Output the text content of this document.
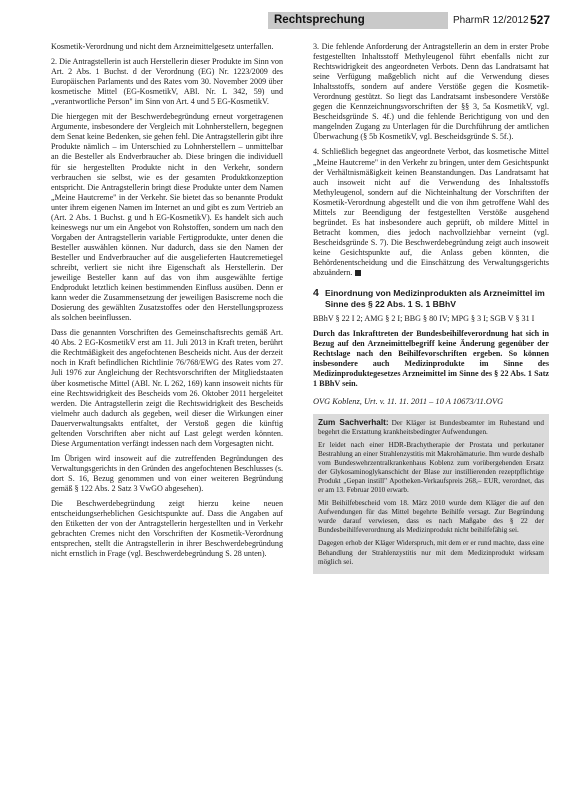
Rechtsprechung	PharmR 12/2012 527

Kosmetik-Verordnung und nicht dem Arzneimittelgesetz unterfallen.

2. Die Antragstellerin ist auch Herstellerin dieser Produkte im Sinn von Art. 2 Abs. 1 Buchst. d der Verordnung (EG) Nr. 1223/2009 des Europäischen Parlaments und des Rates vom 30. November 2009 über kosmetische Mittel (EG-KosmetikV, ABl. Nr. L 342, 59) und „verantwortliche Person" im Sinn von Art. 4 und 5 EG-KosmetikV.

Die hiergegen mit der Beschwerdebegründung erneut vorgetragenen Argumente, insbesondere der Vergleich mit Lohnherstellern, begegnen dem Senat keine Bedenken, sie gehen fehl. Die Antragstellerin gibt ihre Produkte nämlich – im Unterschied zu Lohnherstellern – unmittelbar an die Besteller als Endverbraucher ab. Diese bringen die individuell für sie hergestellten Produkte nicht in den Verkehr, sondern verbrauchen sie selbst, wie es der gesamten Produktkonzeption entspricht. Die Antragstellerin bringt diese Produkte unter dem Namen „Meine Hautcreme" in der Verkehr. Sie bietet das so benannte Produkt unter ihrem eigenen Namen im Internet an und gibt es zum Vertrieb an (Art. 2 Abs. 1 Buchst. g und h EG-KosmetikV). Es handelt sich auch keineswegs nur um ein Angebot von Rohstoffen, sondern um nach den Vorgaben der Antragstellerin variable Fertigprodukte, unter denen die Besteller auswählen können. Nur dadurch, dass sie den Namen der Besteller und Endverbraucher auf die ausgelieferten Hautcremetiegel schreibt, verliert sie nicht ihre Eigenschaft als Herstellerin. Der jeweilige Besteller kann auf das von ihm ausgewählte fertige Endprodukt letztlich keinen bestimmenden Einfluss ausüben. Denn er kann weder die Zusammensetzung der jeweiligen Basiscreme noch die Dosierung des gewählten Zusatzstoffes oder den Herstellungsprozess als solchen beeinflussen.

Dass die genannten Vorschriften des Gemeinschaftsrechts gemäß Art. 40 Abs. 2 EG-KosmetikV erst am 11. Juli 2013 in Kraft treten, berührt die Rechtmäßigkeit des angefochtenen Bescheids nicht. Aus der derzeit noch in Kraft befindlichen Richtlinie 76/768/EWG des Rates vom 27. Juli 1976 zur Angleichung der Rechtsvorschriften der Mitgliedstaaten über kosmetische Mittel (ABl. Nr. L 262, 169) kann insoweit nichts für eine Rechtswidrigkeit des Bescheids vom 26. Oktober 2011 hergeleitet werden. Die Antragstellerin zeigt die Rechtswidrigkeit des Bescheids vielmehr auch dadurch als gegeben, weil dieser die Wirkungen einer Dauerverwaltungsakts entfaltet, der Verstoß gegen die künftig geltenden Vorschriften aber nicht auf Last gelegt werden könnten. Diese Argumentation verfängt indessen nach dem Vorgesagten nicht.

Im Übrigen wird insoweit auf die zutreffenden Begründungen des Verwaltungsgerichts in den Gründen des angefochtenen Beschlusses (s. dort S. 16, Bezug genommen und von einer weiteren Begründung gemäß § 122 Abs. 2 Satz 3 VwGO abgesehen).

Die Beschwerdebegründung zeigt hierzu keine neuen entscheidungserheblichen Gesichtspunkte auf. Dass die Angaben auf den Etiketten der von der Antragstellerin hergestellten und in Verkehr gebrachten Cremes nicht den Vorschriften der Kosmetik-Verordnung entsprechen, stellt die Antragstellerin in ihrer Beschwerdebegründung nicht ernstlich in Frage (vgl. Beschwerdebegründung S. 28 unten).

3. Die fehlende Anforderung der Antragstellerin an dem in erster Probe festgestellten Inhaltsstoff Methyleugenol führt ebenfalls nicht zur Rechtswidrigkeit des angeordneten Verbots. Denn das Landratsamt hat seine Verfügung maßgeblich nicht auf die Verwendung dieses Inhaltsstoffs, sondern auf andere Verstöße gegen die Kosmetik-Verordnung gestützt. So liegt das Landratsamt insbesondere Verstöße gegen die Kennzeichnungsvorschriften der §§ 3, 5a KosmetikV, vgl. Bescheidsgründe S. 4f.) und die fehlende Berichtigung von und den mangelnden Zugang zu Unterlagen für die Durchführung der amtlichen Überwachung (§ 5b KosmetikV, vgl. Bescheidsgründe S. 5f.).

4. Schließlich begegnet das angeordnete Verbot, das kosmetische Mittel „Meine Hautcreme" in den Verkehr zu bringen, unter dem Gesichtspunkt der Verhältnismäßigkeit keinen Beanstandungen. Das Landratsamt hat auch insoweit nicht auf die Verwendung des Inhaltsstoffs Methyleugenol, sondern auf die Nichteinhaltung der Vorschriften der Kosmetik-Verordnung abgestellt und die von ihm getroffene Wahl des Mittels zur Beendigung der festgestellten Verstöße ausgehend begründet. Es hat insbesondere auch geprüft, ob mildere Mittel in Betracht kommen, dies jedoch nachvollziehbar verneint (vgl. Bescheidsgründe S. 7). Die Beschwerdebegründung zeigt auch insoweit keine Gesichtspunkte auf, die Anlass geben könnten, die Behördenentscheidung und die Einschätzung des Verwaltungsgerichts abzuändern.

4 Einordnung von Medizinprodukten als Arzneimittel im Sinne des § 22 Abs. 1 S. 1 BBhV

BBhV § 22 I 2; AMG § 2 I; BBG § 80 IV; MPG § 3 I; SGB V § 31 I

Durch das Inkrafttreten der Bundesbeihilfeverordnung hat sich in Bezug auf den Arzneimittelbegriff keine Änderung gegenüber der Rechtslage nach den Beihilfevorschriften ergeben. So können insbesondere auch Medizinprodukte im Sinne des Medizinproduktegesetzes Arzneimittel im Sinne des § 22 Abs. 1 Satz 1 BBhV sein.

OVG Koblenz, Urt. v. 11. 11. 2011 – 10 A 10673/11.OVG

Zum Sachverhalt: Der Kläger ist Bundesbeamter im Ruhestand und begehrt die Erstattung krankheitsbedingter Aufwendungen.

Er leidet nach einer HDR-Brachytherapie der Prostata und perkutaner Bestrahlung an einer Strahlenzystitis mit Makrohämaturie. Ihm wurde deshalb vom Bundeswehrzentralkrankenhaus Koblenz zum vorübergehenden Ersatz der Glykosaminoglykanschicht der Blase zur instillierenden rezeptpflichtige Produkt „Gepan instill" Apotheken-Verkaufspreis 268,– EUR, verordnet, das er am 13. Februar 2010 erwarb.

Mit Beihilfebescheid vom 18. März 2010 wurde dem Kläger die auf den Aufwendungen für das Mittel begehrte Beihilfe versagt. Zur Begründung wurde darauf verwiesen, dass es nach Maßgabe des § 22 der Bundesbeihilfeverordnung als Medizinprodukt nicht beihilfefähig sei.

Dagegen erhob der Kläger Widerspruch, mit dem er er rund machte, dass eine Behandlung der Strahlenzystitis nur mit dem Medizinprodukt wirksam möglich sei.
